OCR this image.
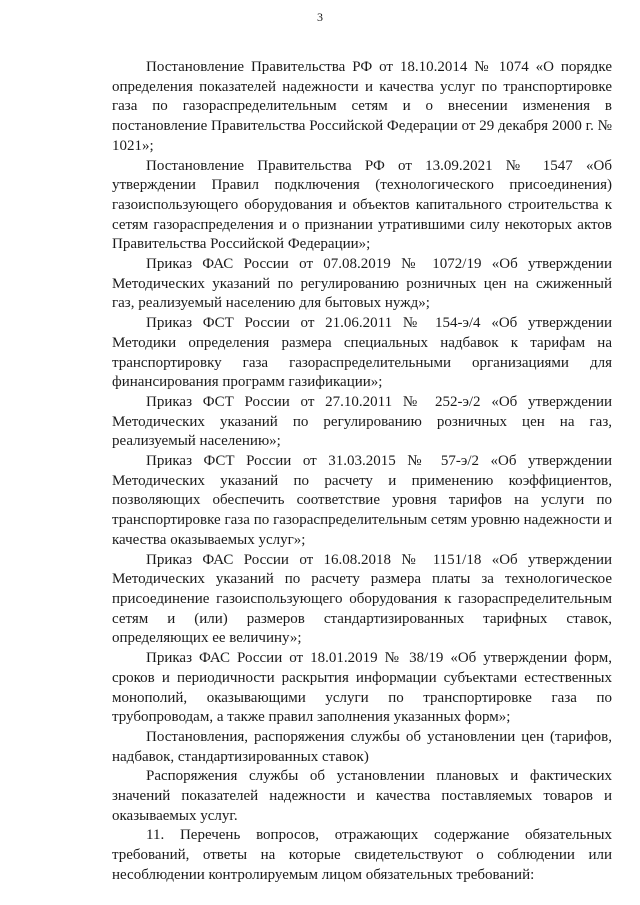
3

Постановление Правительства РФ от 18.10.2014 № 1074 «О порядке определения показателей надежности и качества услуг по транспортировке газа по газораспределительным сетям и о внесении изменения в постановление Правительства Российской Федерации от 29 декабря 2000 г. № 1021»;

Постановление Правительства РФ от 13.09.2021 № 1547 «Об утверждении Правил подключения (технологического присоединения) газоиспользующего оборудования и объектов капитального строительства к сетям газораспределения и о признании утратившими силу некоторых актов Правительства Российской Федерации»;

Приказ ФАС России от 07.08.2019 № 1072/19 «Об утверждении Методических указаний по регулированию розничных цен на сжиженный газ, реализуемый населению для бытовых нужд»;

Приказ ФСТ России от 21.06.2011 № 154-э/4 «Об утверждении Методики определения размера специальных надбавок к тарифам на транспортировку газа газораспределительными организациями для финансирования программ газификации»;

Приказ ФСТ России от 27.10.2011 № 252-э/2 «Об утверждении Методических указаний по регулированию розничных цен на газ, реализуемый населению»;

Приказ ФСТ России от 31.03.2015 № 57-э/2 «Об утверждении Методических указаний по расчету и применению коэффициентов, позволяющих обеспечить соответствие уровня тарифов на услуги по транспортировке газа по газораспределительным сетям уровню надежности и качества оказываемых услуг»;

Приказ ФАС России от 16.08.2018 № 1151/18 «Об утверждении Методических указаний по расчету размера платы за технологическое присоединение газоиспользующего оборудования к газораспределительным сетям и (или) размеров стандартизированных тарифных ставок, определяющих ее величину»;

Приказ ФАС России от 18.01.2019 № 38/19 «Об утверждении форм, сроков и периодичности раскрытия информации субъектами естественных монополий, оказывающими услуги по транспортировке газа по трубопроводам, а также правил заполнения указанных форм»;

Постановления, распоряжения службы об установлении цен (тарифов, надбавок, стандартизированных ставок)

Распоряжения службы об установлении плановых и фактических значений показателей надежности и качества поставляемых товаров и оказываемых услуг.

11. Перечень вопросов, отражающих содержание обязательных требований, ответы на которые свидетельствуют о соблюдении или несоблюдении контролируемым лицом обязательных требований:
